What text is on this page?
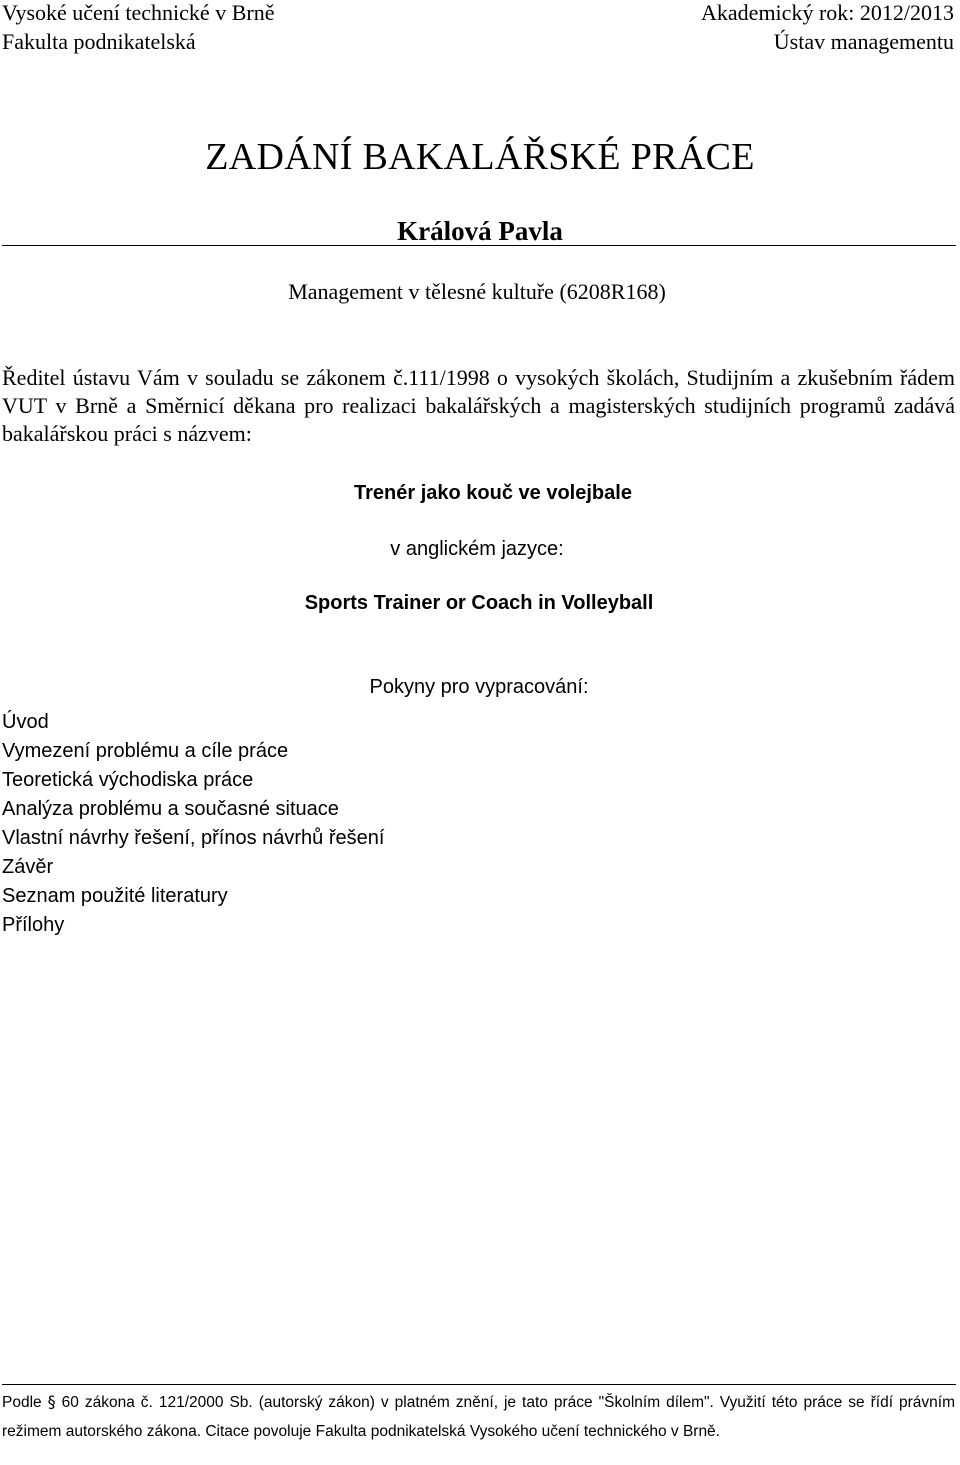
Vysoké učení technické v Brně
Fakulta podnikatelská
Akademický rok: 2012/2013
Ústav managementu
ZADÁNÍ BAKALÁŘSKÉ PRÁCE
Králová Pavla
Management v tělesné kultuře (6208R168)
Ředitel ústavu Vám v souladu se zákonem č.111/1998 o vysokých školách, Studijním a zkušebním řádem VUT v Brně a Směrnicí děkana pro realizaci bakalářských a magisterských studijních programů zadává bakalářskou práci s názvem:
Trenér jako kouč ve volejbale
v anglickém jazyce:
Sports Trainer or Coach in Volleyball
Pokyny pro vypracování:
Úvod
Vymezení problému a cíle práce
Teoretická východiska práce
Analýza problému a současné situace
Vlastní návrhy řešení, přínos návrhů řešení
Závěr
Seznam použité literatury
Přílohy
Podle § 60 zákona č. 121/2000 Sb. (autorský zákon) v platném znění, je tato práce "Školním dílem". Využití této práce se řídí právním režimem autorského zákona. Citace povoluje Fakulta podnikatelská Vysokého učení technického v Brně.
